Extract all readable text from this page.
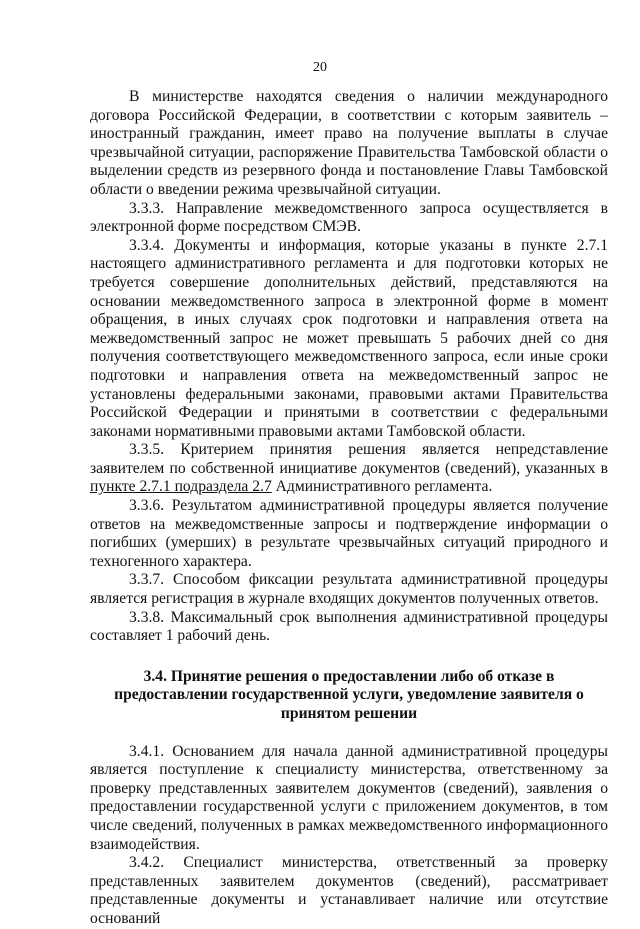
20

В министерстве находятся сведения о наличии международного договора Российской Федерации, в соответствии с которым заявитель – иностранный гражданин, имеет право на получение выплаты в случае чрезвычайной ситуации, распоряжение Правительства Тамбовской области о выделении средств из резервного фонда и постановление Главы Тамбовской области о введении режима чрезвычайной ситуации.

3.3.3. Направление межведомственного запроса осуществляется в электронной форме посредством СМЭВ.

3.3.4. Документы и информация, которые указаны в пункте 2.7.1 настоящего административного регламента и для подготовки которых не требуется совершение дополнительных действий, представляются на основании межведомственного запроса в электронной форме в момент обращения, в иных случаях срок подготовки и направления ответа на межведомственный запрос не может превышать 5 рабочих дней со дня получения соответствующего межведомственного запроса, если иные сроки подготовки и направления ответа на межведомственный запрос не установлены федеральными законами, правовыми актами Правительства Российской Федерации и принятыми в соответствии с федеральными законами нормативными правовыми актами Тамбовской области.

3.3.5. Критерием принятия решения является непредставление заявителем по собственной инициативе документов (сведений), указанных в пункте 2.7.1 подраздела 2.7 Административного регламента.

3.3.6. Результатом административной процедуры является получение ответов на межведомственные запросы и подтверждение информации о погибших (умерших) в результате чрезвычайных ситуаций природного и техногенного характера.

3.3.7. Способом фиксации результата административной процедуры является регистрация в журнале входящих документов полученных ответов.

3.3.8. Максимальный срок выполнения административной процедуры составляет 1 рабочий день.

3.4. Принятие решения о предоставлении либо об отказе в предоставлении государственной услуги, уведомление заявителя о принятом решении

3.4.1. Основанием для начала данной административной процедуры является поступление к специалисту министерства, ответственному за проверку представленных заявителем документов (сведений), заявления о предоставлении государственной услуги с приложением документов, в том числе сведений, полученных в рамках межведомственного информационного взаимодействия.

3.4.2. Специалист министерства, ответственный за проверку представленных заявителем документов (сведений), рассматривает представленные документы и устанавливает наличие или отсутствие оснований
